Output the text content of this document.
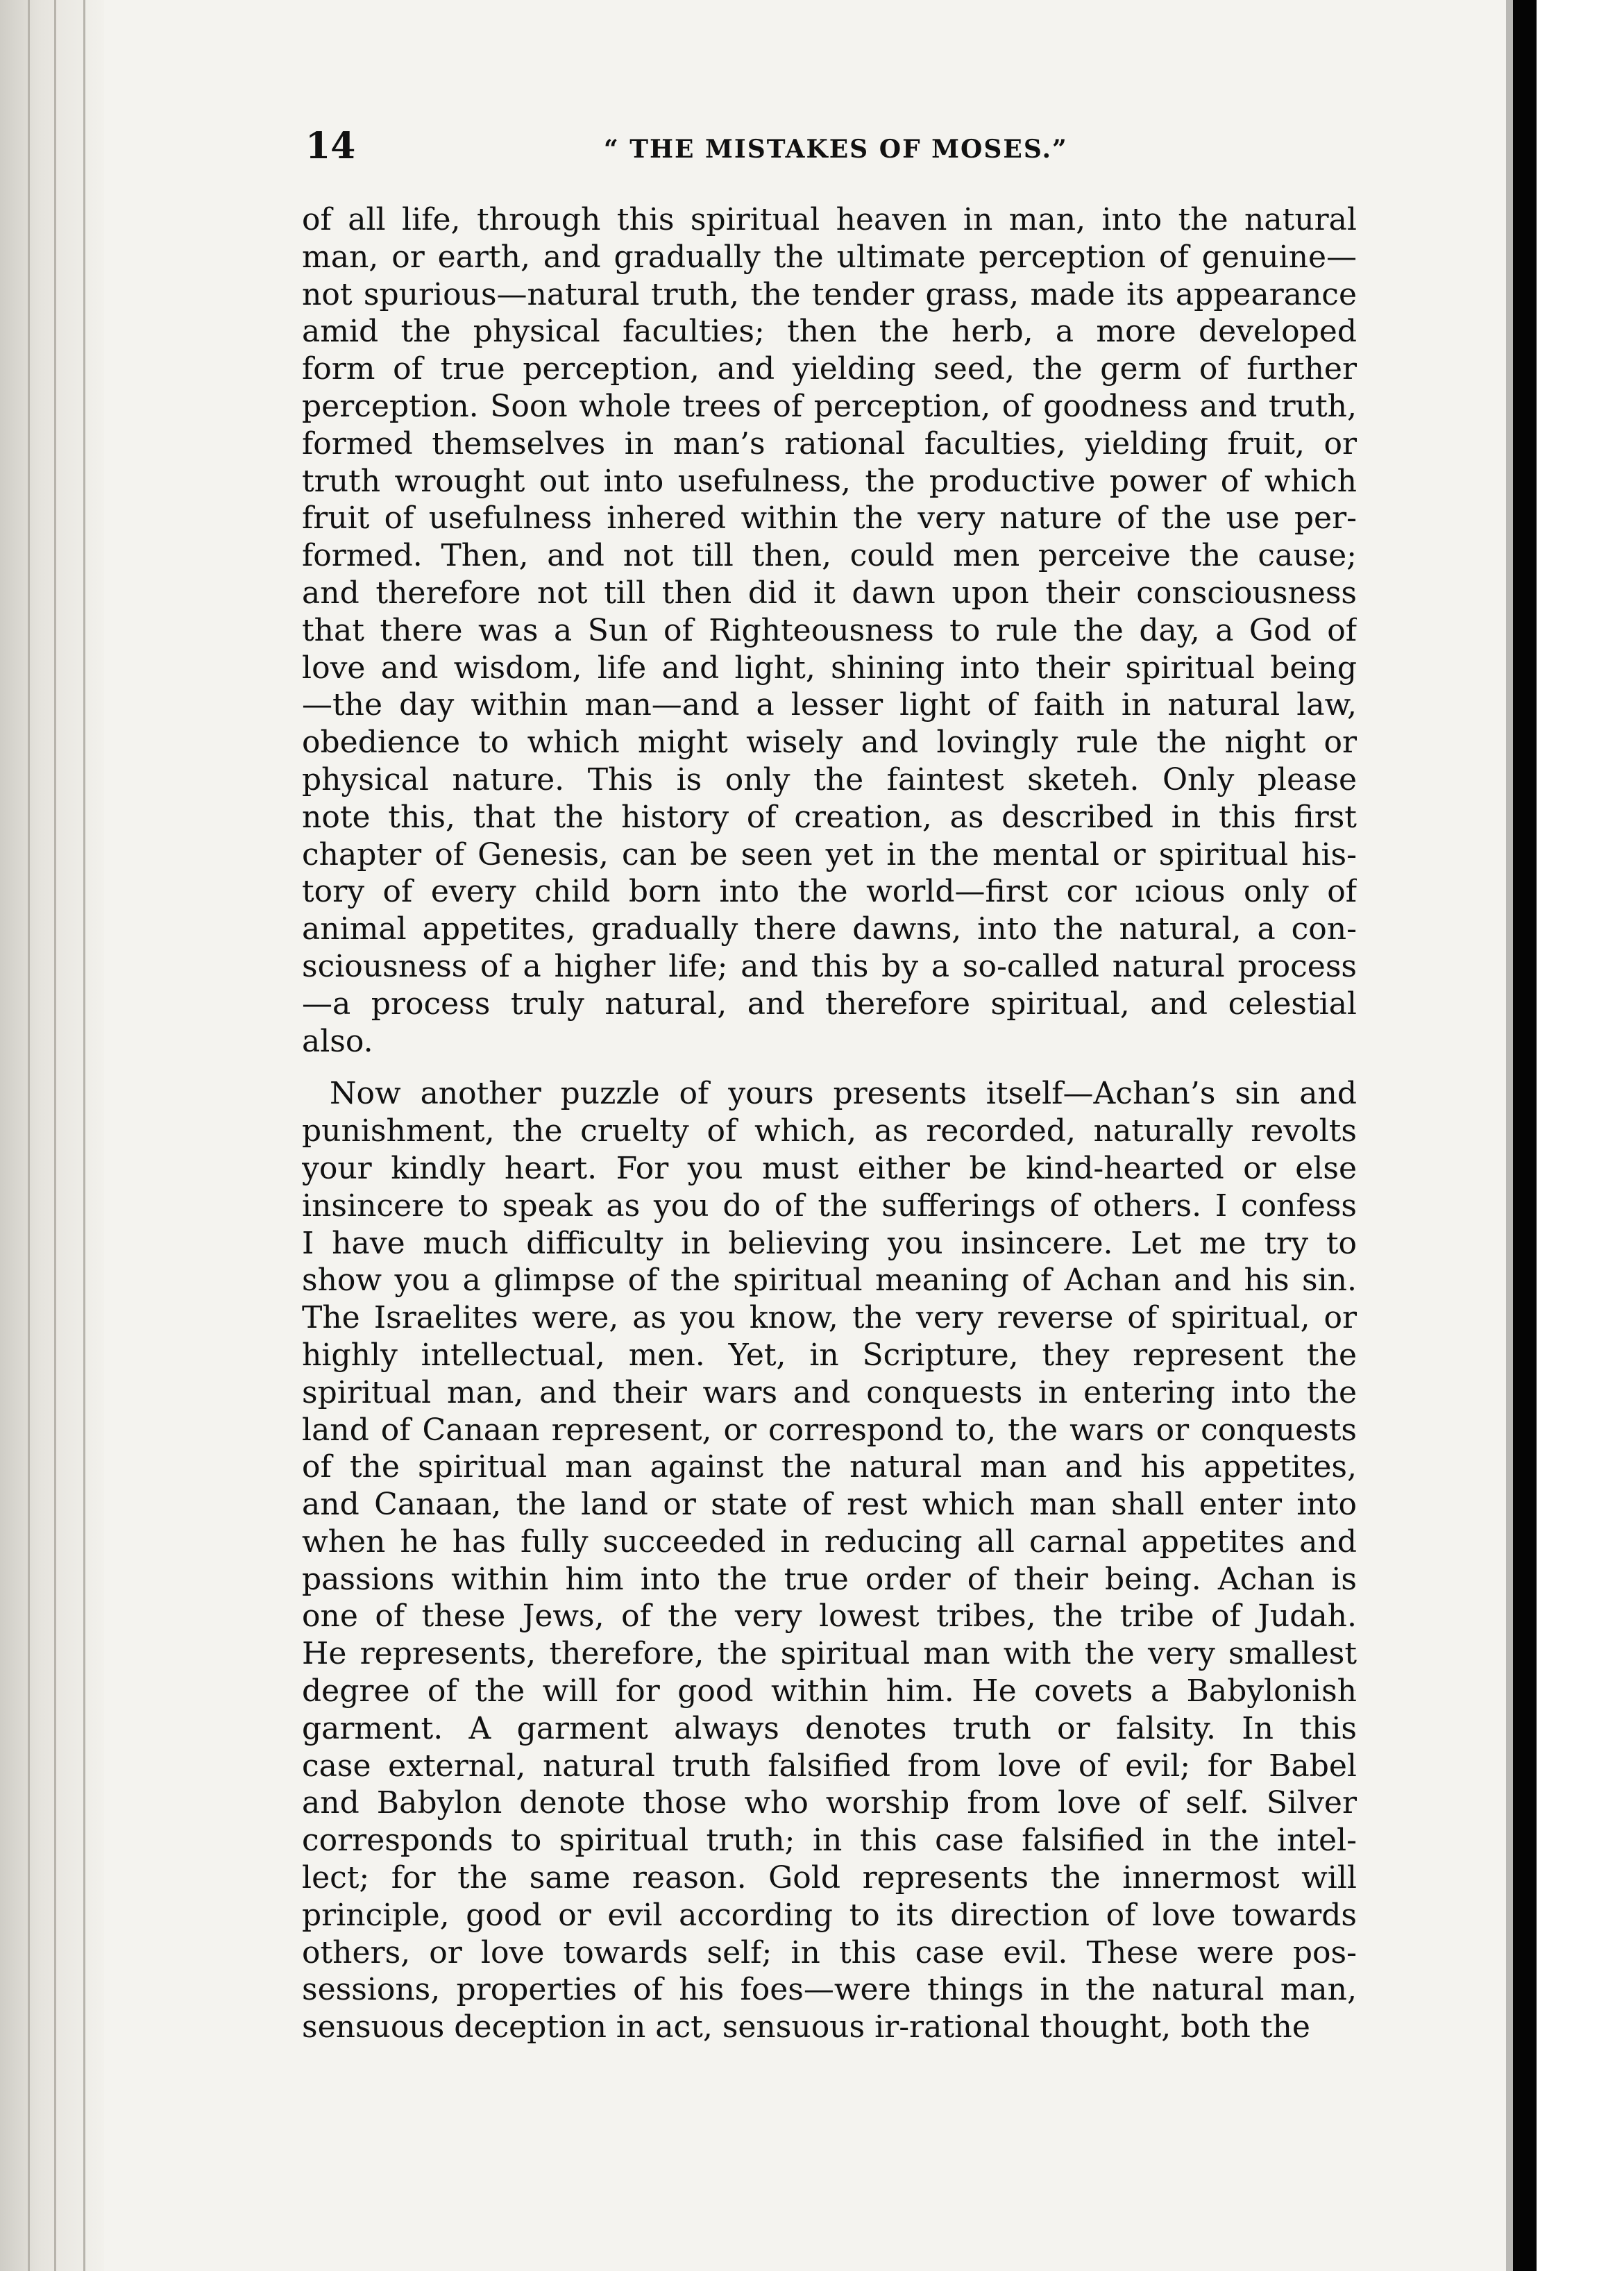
14	“ THE MISTAKES OF MOSES.”
of all life, through this spiritual heaven in man, into the natural
man, or earth, and gradually the ultimate perception of genuine—
not spurious—natural truth, the tender grass, made its appearance
amid the physical faculties; then the herb, a more developed
form of true perception, and yielding seed, the germ of further
perception. Soon whole trees of perception, of goodness and truth,
formed themselves in man’s rational faculties, yielding fruit, or
truth wrought out into usefulness, the productive power of which
fruit of usefulness inhered within the very nature of the use per-
formed. Then, and not till then, could men perceive the cause;
and therefore not till then did it dawn upon their consciousness
that there was a Sun of Righteousness to rule the day, a God of
love and wisdom, life and light, shining into their spiritual being
—the day within man—and a lesser light of faith in natural law,
obedience to which might wisely and lovingly rule the night or
physical nature. This is only the faintest sketeh. Only please
note this, that the history of creation, as described in this first
chapter of Genesis, can be seen yet in the mental or spiritual his-
tory of every child born into the world—first cor ıcious only of
animal appetites, gradually there dawns, into the natural, a con-
sciousness of a higher life; and this by a so-called natural process
—a process truly natural, and therefore spiritual, and celestial
also.
Now another puzzle of yours presents itself—Achan’s sin and
punishment, the cruelty of which, as recorded, naturally revolts
your kindly heart. For you must either be kind-hearted or else
insincere to speak as you do of the sufferings of others. I confess
I have much difficulty in believing you insincere. Let me try to
show you a glimpse of the spiritual meaning of Achan and his sin.
The Israelites were, as you know, the very reverse of spiritual, or
highly intellectual, men. Yet, in Scripture, they represent the
spiritual man, and their wars and conquests in entering into the
land of Canaan represent, or correspond to, the wars or conquests
of the spiritual man against the natural man and his appetites,
and Canaan, the land or state of rest which man shall enter into
when he has fully succeeded in reducing all carnal appetites and
passions within him into the true order of their being. Achan is
one of these Jews, of the very lowest tribes, the tribe of Judah.
He represents, therefore, the spiritual man with the very smallest
degree of the will for good within him. He covets a Babylonish
garment. A garment always denotes truth or falsity. In this
case external, natural truth falsified from love of evil; for Babel
and Babylon denote those who worship from love of self. Silver
corresponds to spiritual truth; in this case falsified in the intel-
lect; for the same reason. Gold represents the innermost will
principle, good or evil according to its direction of love towards
others, or love towards self; in this case evil. These were pos-
sessions, properties of his foes—were things in the natural man,
sensuous deception in act, sensuous ir-rational thought, both the
